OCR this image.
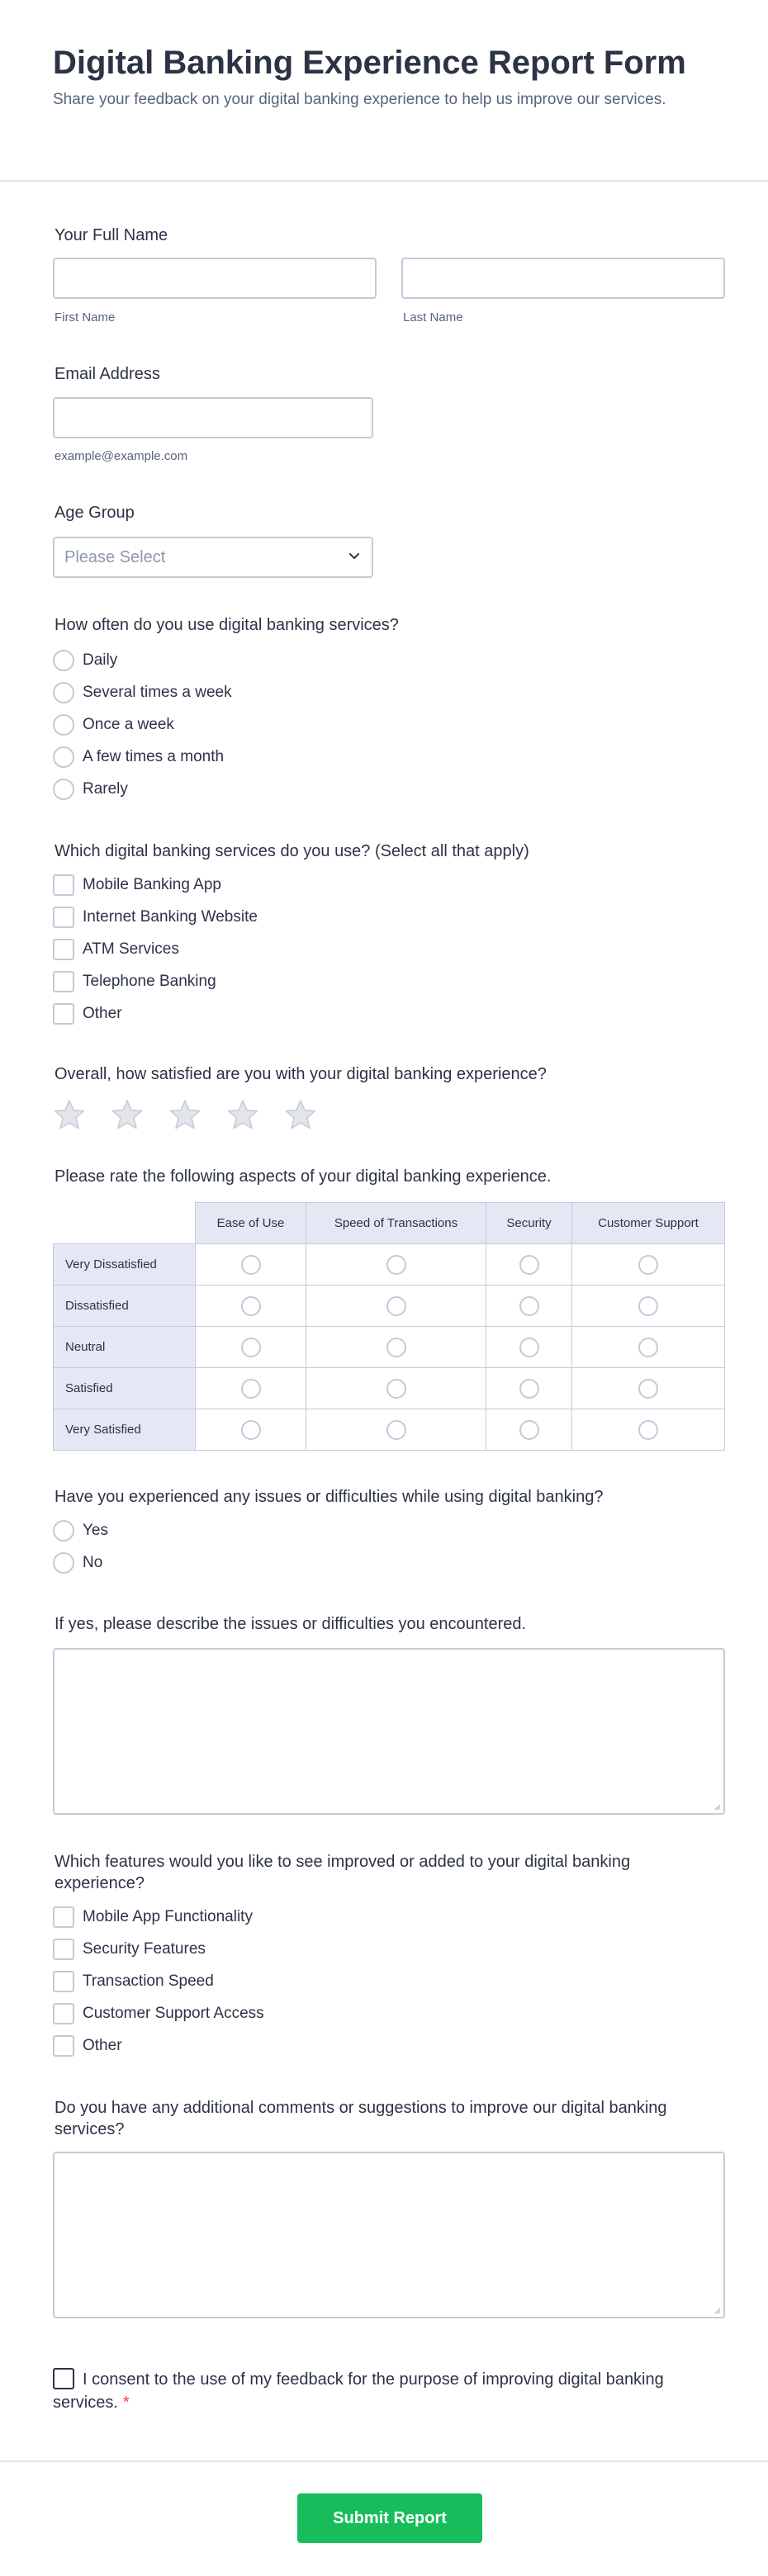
Digital Banking Experience Report Form

Share your feedback on your digital banking experience to help us improve our services.

Your Full Name
First Name	Last Name
Email Address
example@example.com
Age Group
Please Select
How often do you use digital banking services?
Daily
Several times a week
Once a week
A few times a month
Rarely
Which digital banking services do you use? (Select all that apply)
Mobile Banking App
Internet Banking Website
ATM Services
Telephone Banking
Other
Overall, how satisfied are you with your digital banking experience?
Please rate the following aspects of your digital banking experience.
	Ease of Use	Speed of Transactions	Security	Customer Support
Very Dissatisfied				
Dissatisfied				
Neutral				
Satisfied				
Very Satisfied				
Have you experienced any issues or difficulties while using digital banking?
Yes
No
If yes, please describe the issues or difficulties you encountered.
Which features would you like to see improved or added to your digital banking
experience?
Mobile App Functionality
Security Features
Transaction Speed
Customer Support Access
Other
Do you have any additional comments or suggestions to improve our digital banking
services?
I consent to the use of my feedback for the purpose of improving digital banking services. *
Submit Report
